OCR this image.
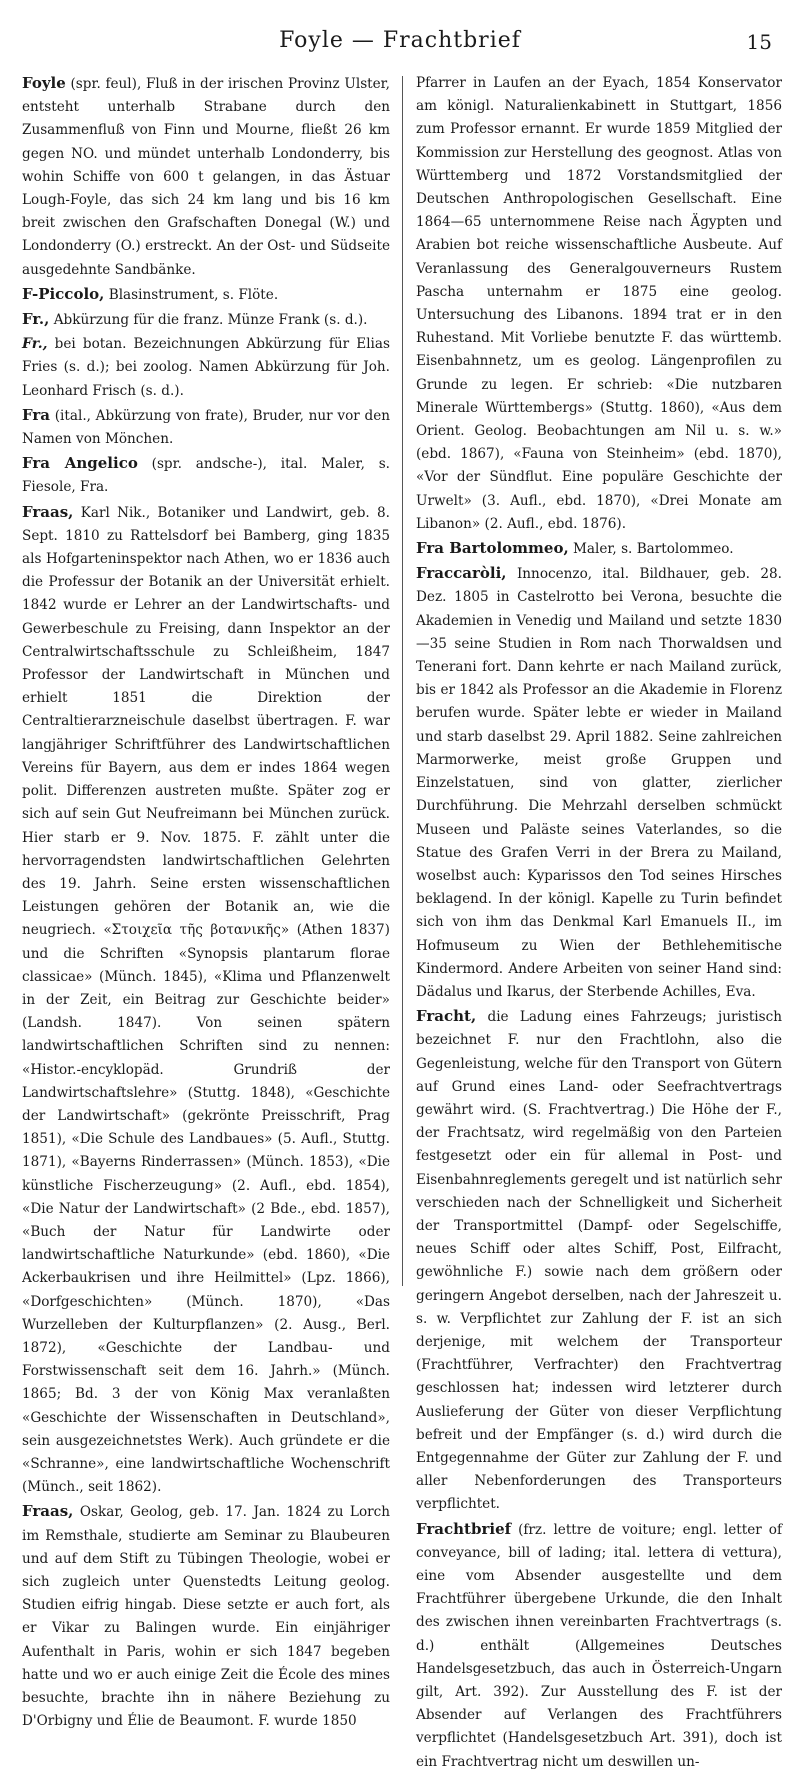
Foyle — Frachtbrief	15

Foyle (spr. feul), Fluß in der irischen Provinz Ulster, entsteht unterhalb Strabane durch den Zusammenfluß von Finn und Mourne, fließt 26 km gegen NO. und mündet unterhalb Londonderry, bis wohin Schiffe von 600 t gelangen, in das Ästuar Lough-Foyle, das sich 24 km lang und bis 16 km breit zwischen den Grafschaften Donegal (W.) und Londonderry (O.) erstreckt. An der Ost- und Südseite ausgedehnte Sandbänke.

F-Piccolo, Blasinstrument, s. Flöte.

Fr., Abkürzung für die franz. Münze Frank (s. d.).

Fr., bei botan. Bezeichnungen Abkürzung für Elias Fries (s. d.); bei zoolog. Namen Abkürzung für Joh. Leonhard Frisch (s. d.).

Fra (ital., Abkürzung von frate), Bruder, nur vor den Namen von Mönchen.

Fra Angelico (spr. andsche-), ital. Maler, s. Fiesole, Fra.

Fraas, Karl Nik., Botaniker und Landwirt, geb. 8. Sept. 1810 zu Rattelsdorf bei Bamberg, ging 1835 als Hofgarteninspektor nach Athen, wo er 1836 auch die Professur der Botanik an der Universität erhielt. 1842 wurde er Lehrer an der Landwirtschafts- und Gewerbeschule zu Freising, dann Inspektor an der Centralwirtschaftsschule zu Schleißheim, 1847 Professor der Landwirtschaft in München und erhielt 1851 die Direktion der Centraltierarzneischule daselbst übertragen. F. war langjähriger Schriftführer des Landwirtschaftlichen Vereins für Bayern, aus dem er indes 1864 wegen polit. Differenzen austreten mußte. Später zog er sich auf sein Gut Neufreimann bei München zurück. Hier starb er 9. Nov. 1875. F. zählt unter die hervorragendsten landwirtschaftlichen Gelehrten des 19. Jahrh. Seine ersten wissenschaftlichen Leistungen gehören der Botanik an, wie die neugriech. «Στοιχεῖα τῆς βοτανικῆς» (Athen 1837) und die Schriften «Synopsis plantarum florae classicae» (Münch. 1845), «Klima und Pflanzenwelt in der Zeit, ein Beitrag zur Geschichte beider» (Landsh. 1847). Von seinen spätern landwirtschaftlichen Schriften sind zu nennen: «Histor.-encyklopäd. Grundriß der Landwirtschaftslehre» (Stuttg. 1848), «Geschichte der Landwirtschaft» (gekrönte Preisschrift, Prag 1851), «Die Schule des Landbaues» (5. Aufl., Stuttg. 1871), «Bayerns Rinderrassen» (Münch. 1853), «Die künstliche Fischerzeugung» (2. Aufl., ebd. 1854), «Die Natur der Landwirtschaft» (2 Bde., ebd. 1857), «Buch der Natur für Landwirte oder landwirtschaftliche Naturkunde» (ebd. 1860), «Die Ackerbaukrisen und ihre Heilmittel» (Lpz. 1866), «Dorfgeschichten» (Münch. 1870), «Das Wurzelleben der Kulturpflanzen» (2. Ausg., Berl. 1872), «Geschichte der Landbau- und Forstwissenschaft seit dem 16. Jahrh.» (Münch. 1865; Bd. 3 der von König Max veranlaßten «Geschichte der Wissenschaften in Deutschland», sein ausgezeichnetstes Werk). Auch gründete er die «Schranne», eine landwirtschaftliche Wochenschrift (Münch., seit 1862).

Fraas, Oskar, Geolog, geb. 17. Jan. 1824 zu Lorch im Remsthale, studierte am Seminar zu Blaubeuren und auf dem Stift zu Tübingen Theologie, wobei er sich zugleich unter Quenstedts Leitung geolog. Studien eifrig hingab. Diese setzte er auch fort, als er Vikar zu Balingen wurde. Ein einjähriger Aufenthalt in Paris, wohin er sich 1847 begeben hatte und wo er auch einige Zeit die École des mines besuchte, brachte ihn in nähere Beziehung zu D'Orbigny und Élie de Beaumont. F. wurde 1850

Pfarrer in Laufen an der Eyach, 1854 Konservator am königl. Naturalienkabinett in Stuttgart, 1856 zum Professor ernannt. Er wurde 1859 Mitglied der Kommission zur Herstellung des geognost. Atlas von Württemberg und 1872 Vorstandsmitglied der Deutschen Anthropologischen Gesellschaft. Eine 1864—65 unternommene Reise nach Ägypten und Arabien bot reiche wissenschaftliche Ausbeute. Auf Veranlassung des Generalgouverneurs Rustem Pascha unternahm er 1875 eine geolog. Untersuchung des Libanons. 1894 trat er in den Ruhestand. Mit Vorliebe benutzte F. das württemb. Eisenbahnnetz, um es geolog. Längenprofilen zu Grunde zu legen. Er schrieb: «Die nutzbaren Minerale Württembergs» (Stuttg. 1860), «Aus dem Orient. Geolog. Beobachtungen am Nil u. s. w.» (ebd. 1867), «Fauna von Steinheim» (ebd. 1870), «Vor der Sündflut. Eine populäre Geschichte der Urwelt» (3. Aufl., ebd. 1870), «Drei Monate am Libanon» (2. Aufl., ebd. 1876).

Fra Bartolommeo, Maler, s. Bartolommeo.

Fraccaròli, Innocenzo, ital. Bildhauer, geb. 28. Dez. 1805 in Castelrotto bei Verona, besuchte die Akademien in Venedig und Mailand und setzte 1830—35 seine Studien in Rom nach Thorwaldsen und Tenerani fort. Dann kehrte er nach Mailand zurück, bis er 1842 als Professor an die Akademie in Florenz berufen wurde. Später lebte er wieder in Mailand und starb daselbst 29. April 1882. Seine zahlreichen Marmorwerke, meist große Gruppen und Einzelstatuen, sind von glatter, zierlicher Durchführung. Die Mehrzahl derselben schmückt Museen und Paläste seines Vaterlandes, so die Statue des Grafen Verri in der Brera zu Mailand, woselbst auch: Kyparissos den Tod seines Hirsches beklagend. In der königl. Kapelle zu Turin befindet sich von ihm das Denkmal Karl Emanuels II., im Hofmuseum zu Wien der Bethlehemitische Kindermord. Andere Arbeiten von seiner Hand sind: Dädalus und Ikarus, der Sterbende Achilles, Eva.

Fracht, die Ladung eines Fahrzeugs; juristisch bezeichnet F. nur den Frachtlohn, also die Gegenleistung, welche für den Transport von Gütern auf Grund eines Land- oder Seefrachtvertrags gewährt wird. (S. Frachtvertrag.) Die Höhe der F., der Frachtsatz, wird regelmäßig von den Parteien festgesetzt oder ein für allemal in Post- und Eisenbahnreglements geregelt und ist natürlich sehr verschieden nach der Schnelligkeit und Sicherheit der Transportmittel (Dampf- oder Segelschiffe, neues Schiff oder altes Schiff, Post, Eilfracht, gewöhnliche F.) sowie nach dem größern oder geringern Angebot derselben, nach der Jahreszeit u. s. w. Verpflichtet zur Zahlung der F. ist an sich derjenige, mit welchem der Transporteur (Frachtführer, Verfrachter) den Frachtvertrag geschlossen hat; indessen wird letzterer durch Auslieferung der Güter von dieser Verpflichtung befreit und der Empfänger (s. d.) wird durch die Entgegennahme der Güter zur Zahlung der F. und aller Nebenforderungen des Transporteurs verpflichtet.

Frachtbrief (frz. lettre de voiture; engl. letter of conveyance, bill of lading; ital. lettera di vettura), eine vom Absender ausgestellte und dem Frachtführer übergebene Urkunde, die den Inhalt des zwischen ihnen vereinbarten Frachtvertrags (s. d.) enthält (Allgemeines Deutsches Handelsgesetzbuch, das auch in Österreich-Ungarn gilt, Art. 392). Zur Ausstellung des F. ist der Absender auf Verlangen des Frachtführers verpflichtet (Handelsgesetzbuch Art. 391), doch ist ein Frachtvertrag nicht um deswillen un-
